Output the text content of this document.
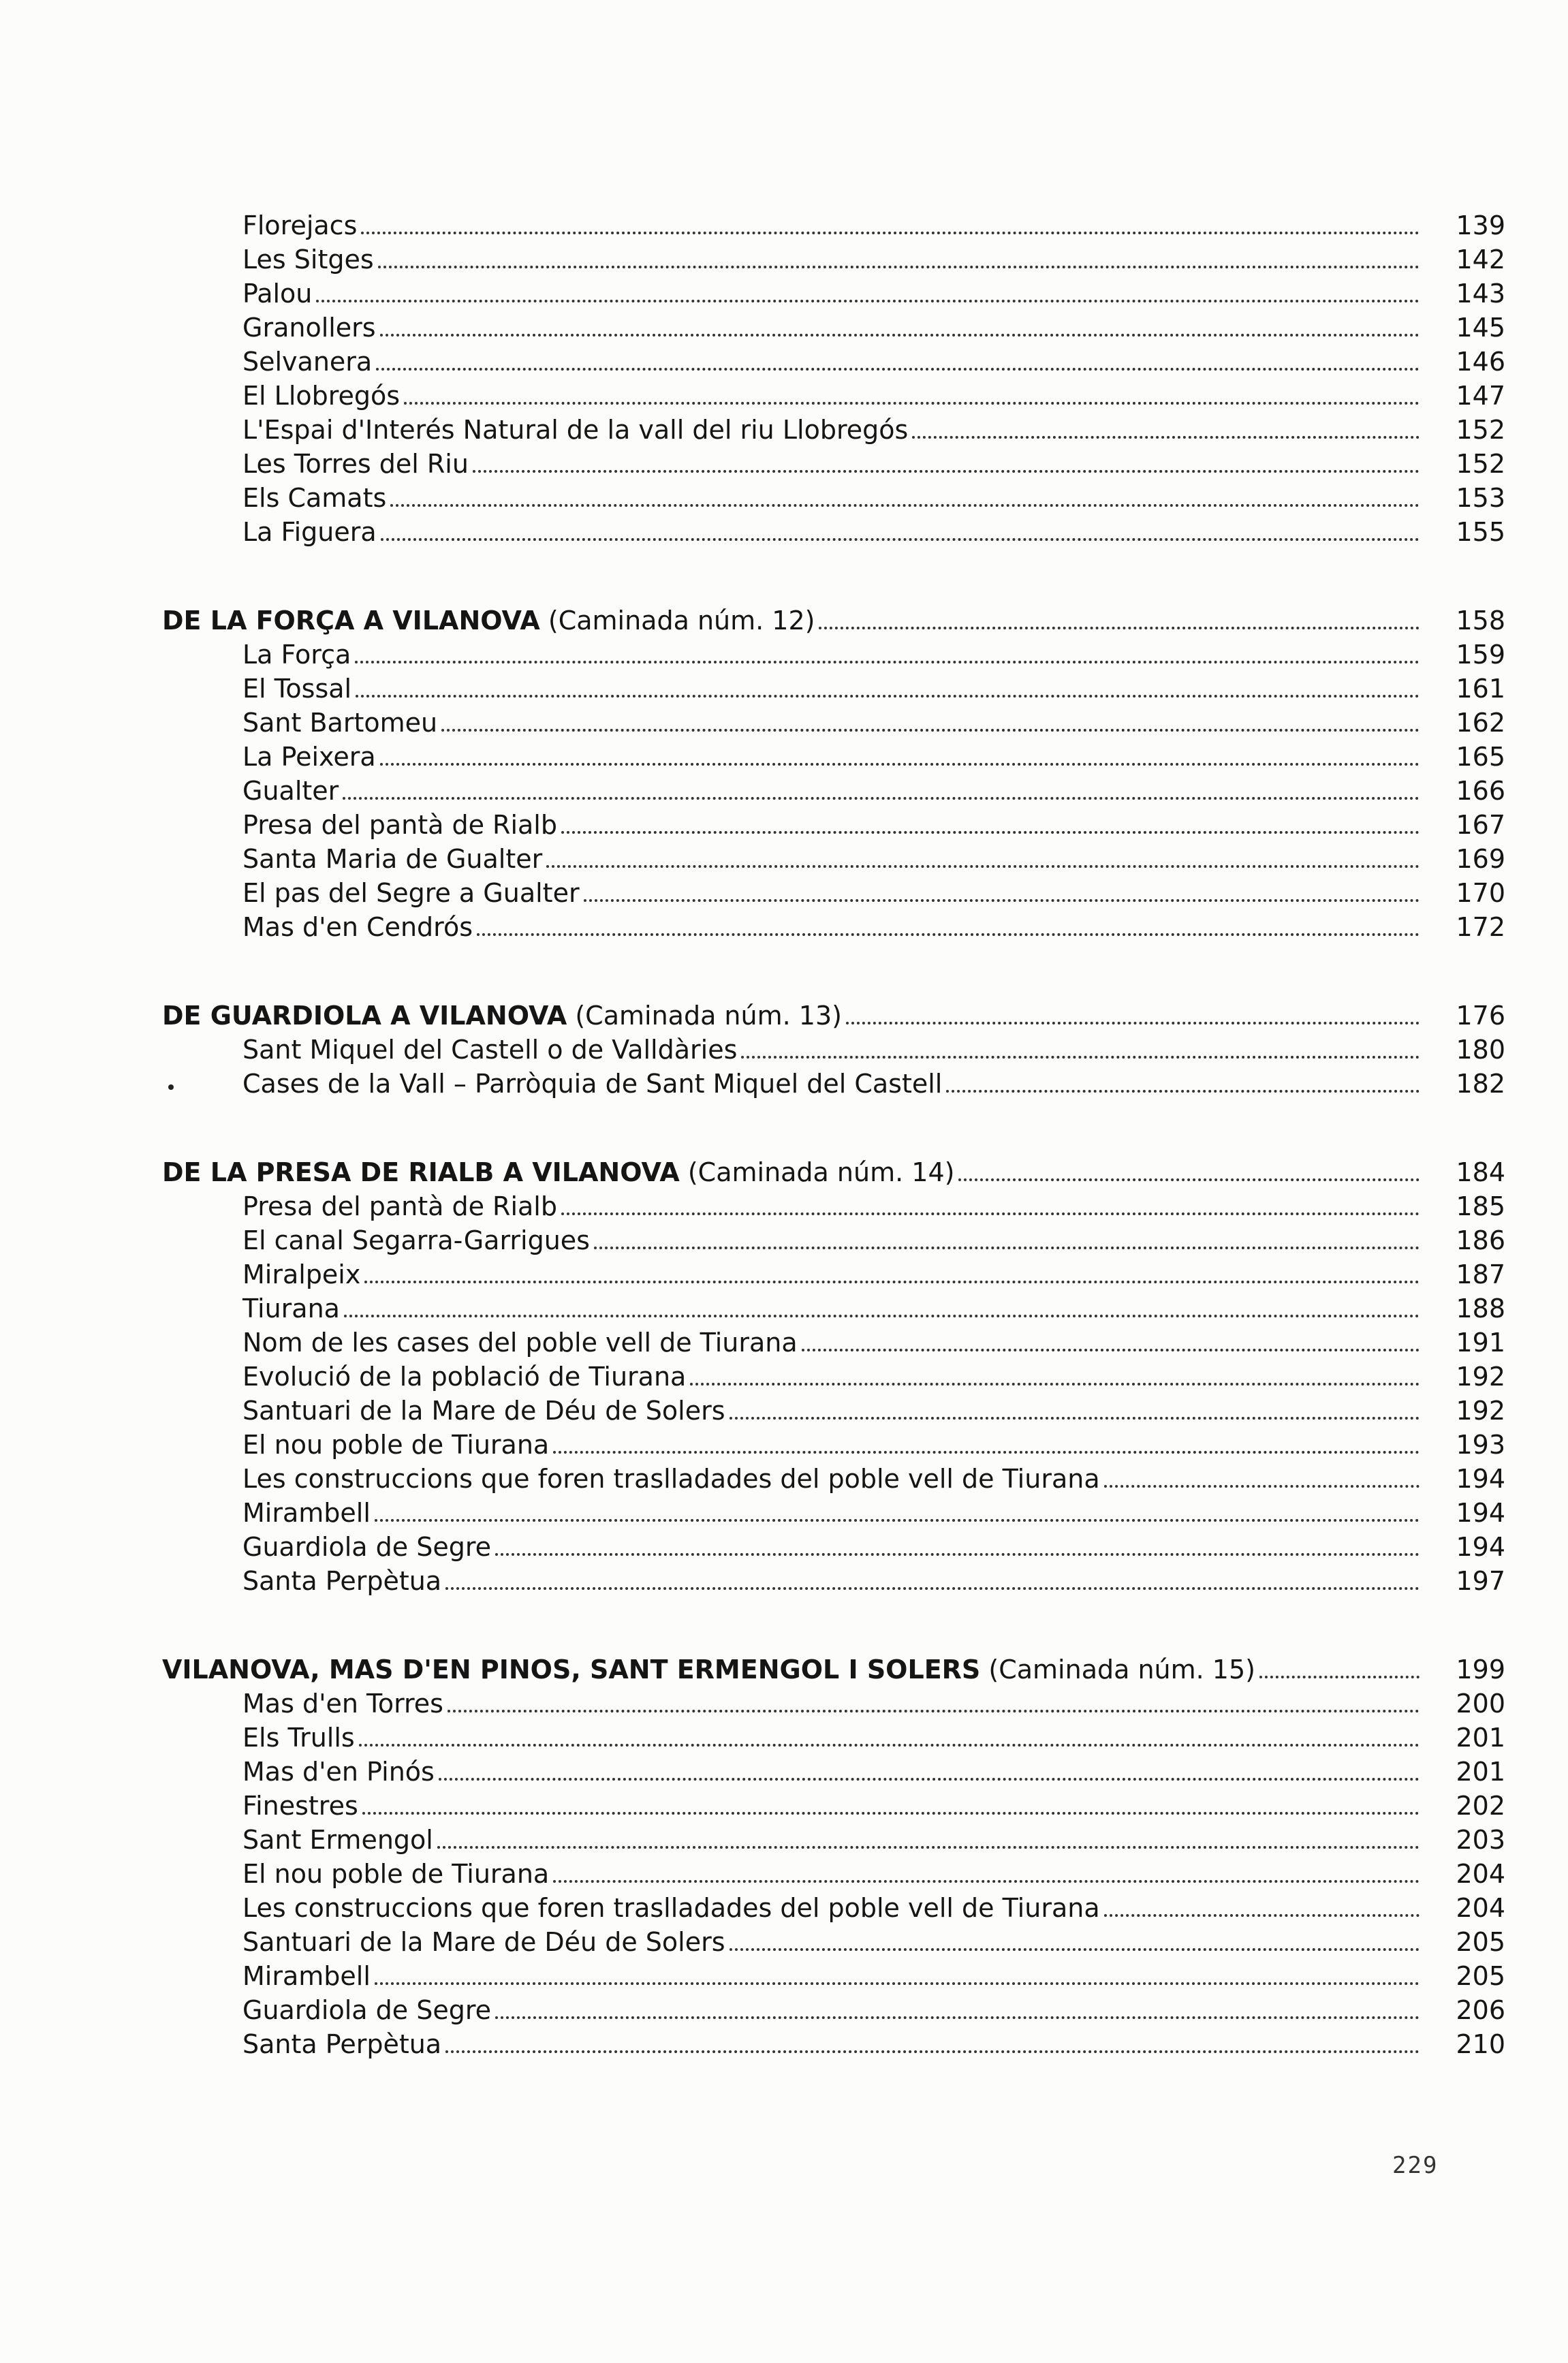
Florejacs	139
Les Sitges	142
Palou	143
Granollers	145
Selvanera	146
El Llobregós	147
L'Espai d'Interés Natural de la vall del riu Llobregós	152
Les Torres del Riu	152
Els Camats	153
La Figuera	155
DE LA FORÇA A VILANOVA (Caminada núm. 12)	158
La Força	159
El Tossal	161
Sant Bartomeu	162
La Peixera	165
Gualter	166
Presa del pantà de Rialb	167
Santa Maria de Gualter	169
El pas del Segre a Gualter	170
Mas d'en Cendrós	172
DE GUARDIOLA A VILANOVA (Caminada núm. 13)	176
Sant Miquel del Castell o de Valldàries	180
Cases de la Vall – Parròquia de Sant Miquel del Castell	182
DE LA PRESA DE RIALB A VILANOVA (Caminada núm. 14)	184
Presa del pantà de Rialb	185
El canal Segarra-Garrigues	186
Miralpeix	187
Tiurana	188
Nom de les cases del poble vell de Tiurana	191
Evolució de la població de Tiurana	192
Santuari de la Mare de Déu de Solers	192
El nou poble de Tiurana	193
Les construccions que foren traslladades del poble vell de Tiurana	194
Mirambell	194
Guardiola de Segre	194
Santa Perpètua	197
VILANOVA, MAS D'EN PINOS, SANT ERMENGOL I SOLERS (Caminada núm. 15)	199
Mas d'en Torres	200
Els Trulls	201
Mas d'en Pinós	201
Finestres	202
Sant Ermengol	203
El nou poble de Tiurana	204
Les construccions que foren traslladades del poble vell de Tiurana	204
Santuari de la Mare de Déu de Solers	205
Mirambell	205
Guardiola de Segre	206
Santa Perpètua	210
229
